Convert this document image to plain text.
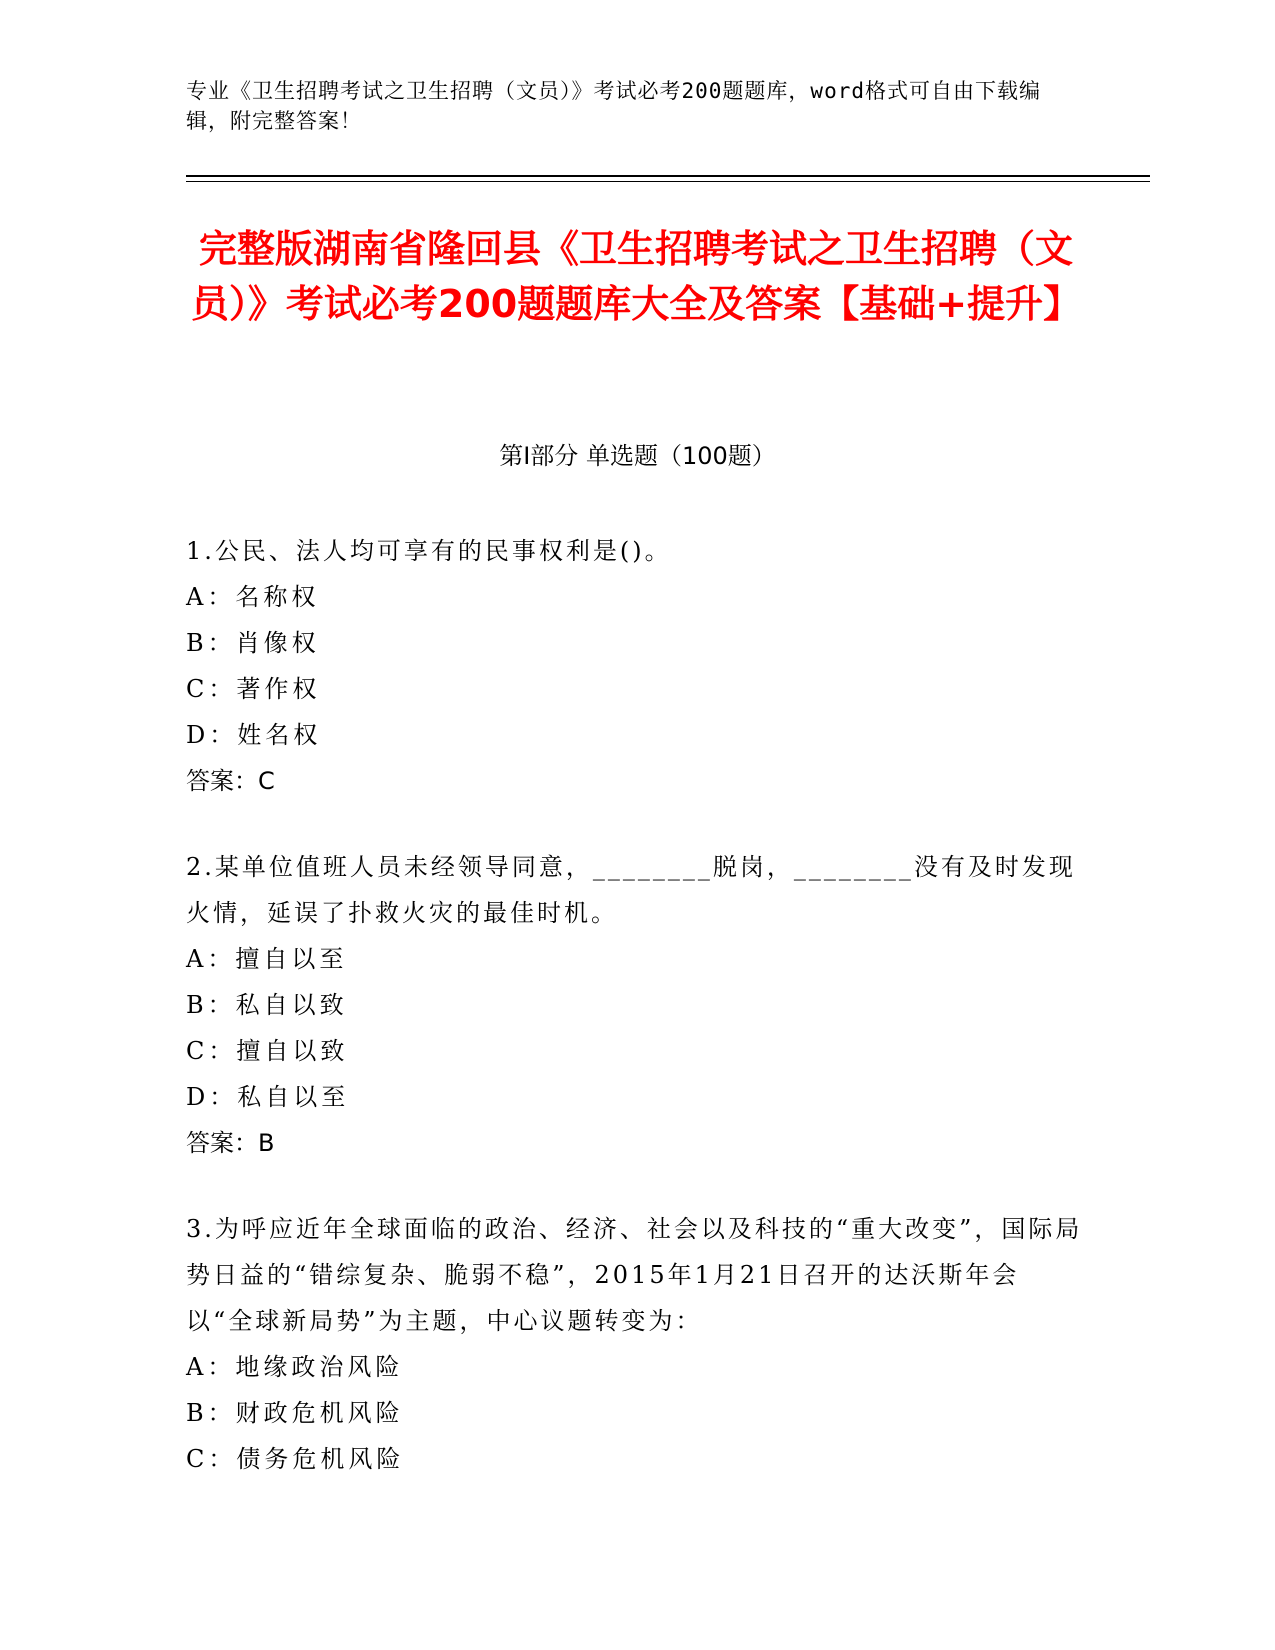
专业《卫生招聘考试之卫生招聘（文员）》考试必考200题题库，word格式可自由下载编辑，附完整答案！
完整版湖南省隆回县《卫生招聘考试之卫生招聘（文员）》考试必考200题题库大全及答案【基础+提升】
第Ⅰ部分 单选题（100题）

1.公民、法人均可享有的民事权利是()。

A：名称权

B：肖像权

C：著作权

D：姓名权

答案：C

2.某单位值班人员未经领导同意，________脱岗，________没有及时发现火情，延误了扑救火灾的最佳时机。

A：擅自以至

B：私自以致

C：擅自以致

D：私自以至

答案：B

3.为呼应近年全球面临的政治、经济、社会以及科技的“重大改变”，国际局势日益的“错综复杂、脆弱不稳”，2015年1月21日召开的达沃斯年会以“全球新局势”为主题，中心议题转变为：

A：地缘政治风险

B：财政危机风险

C：债务危机风险
